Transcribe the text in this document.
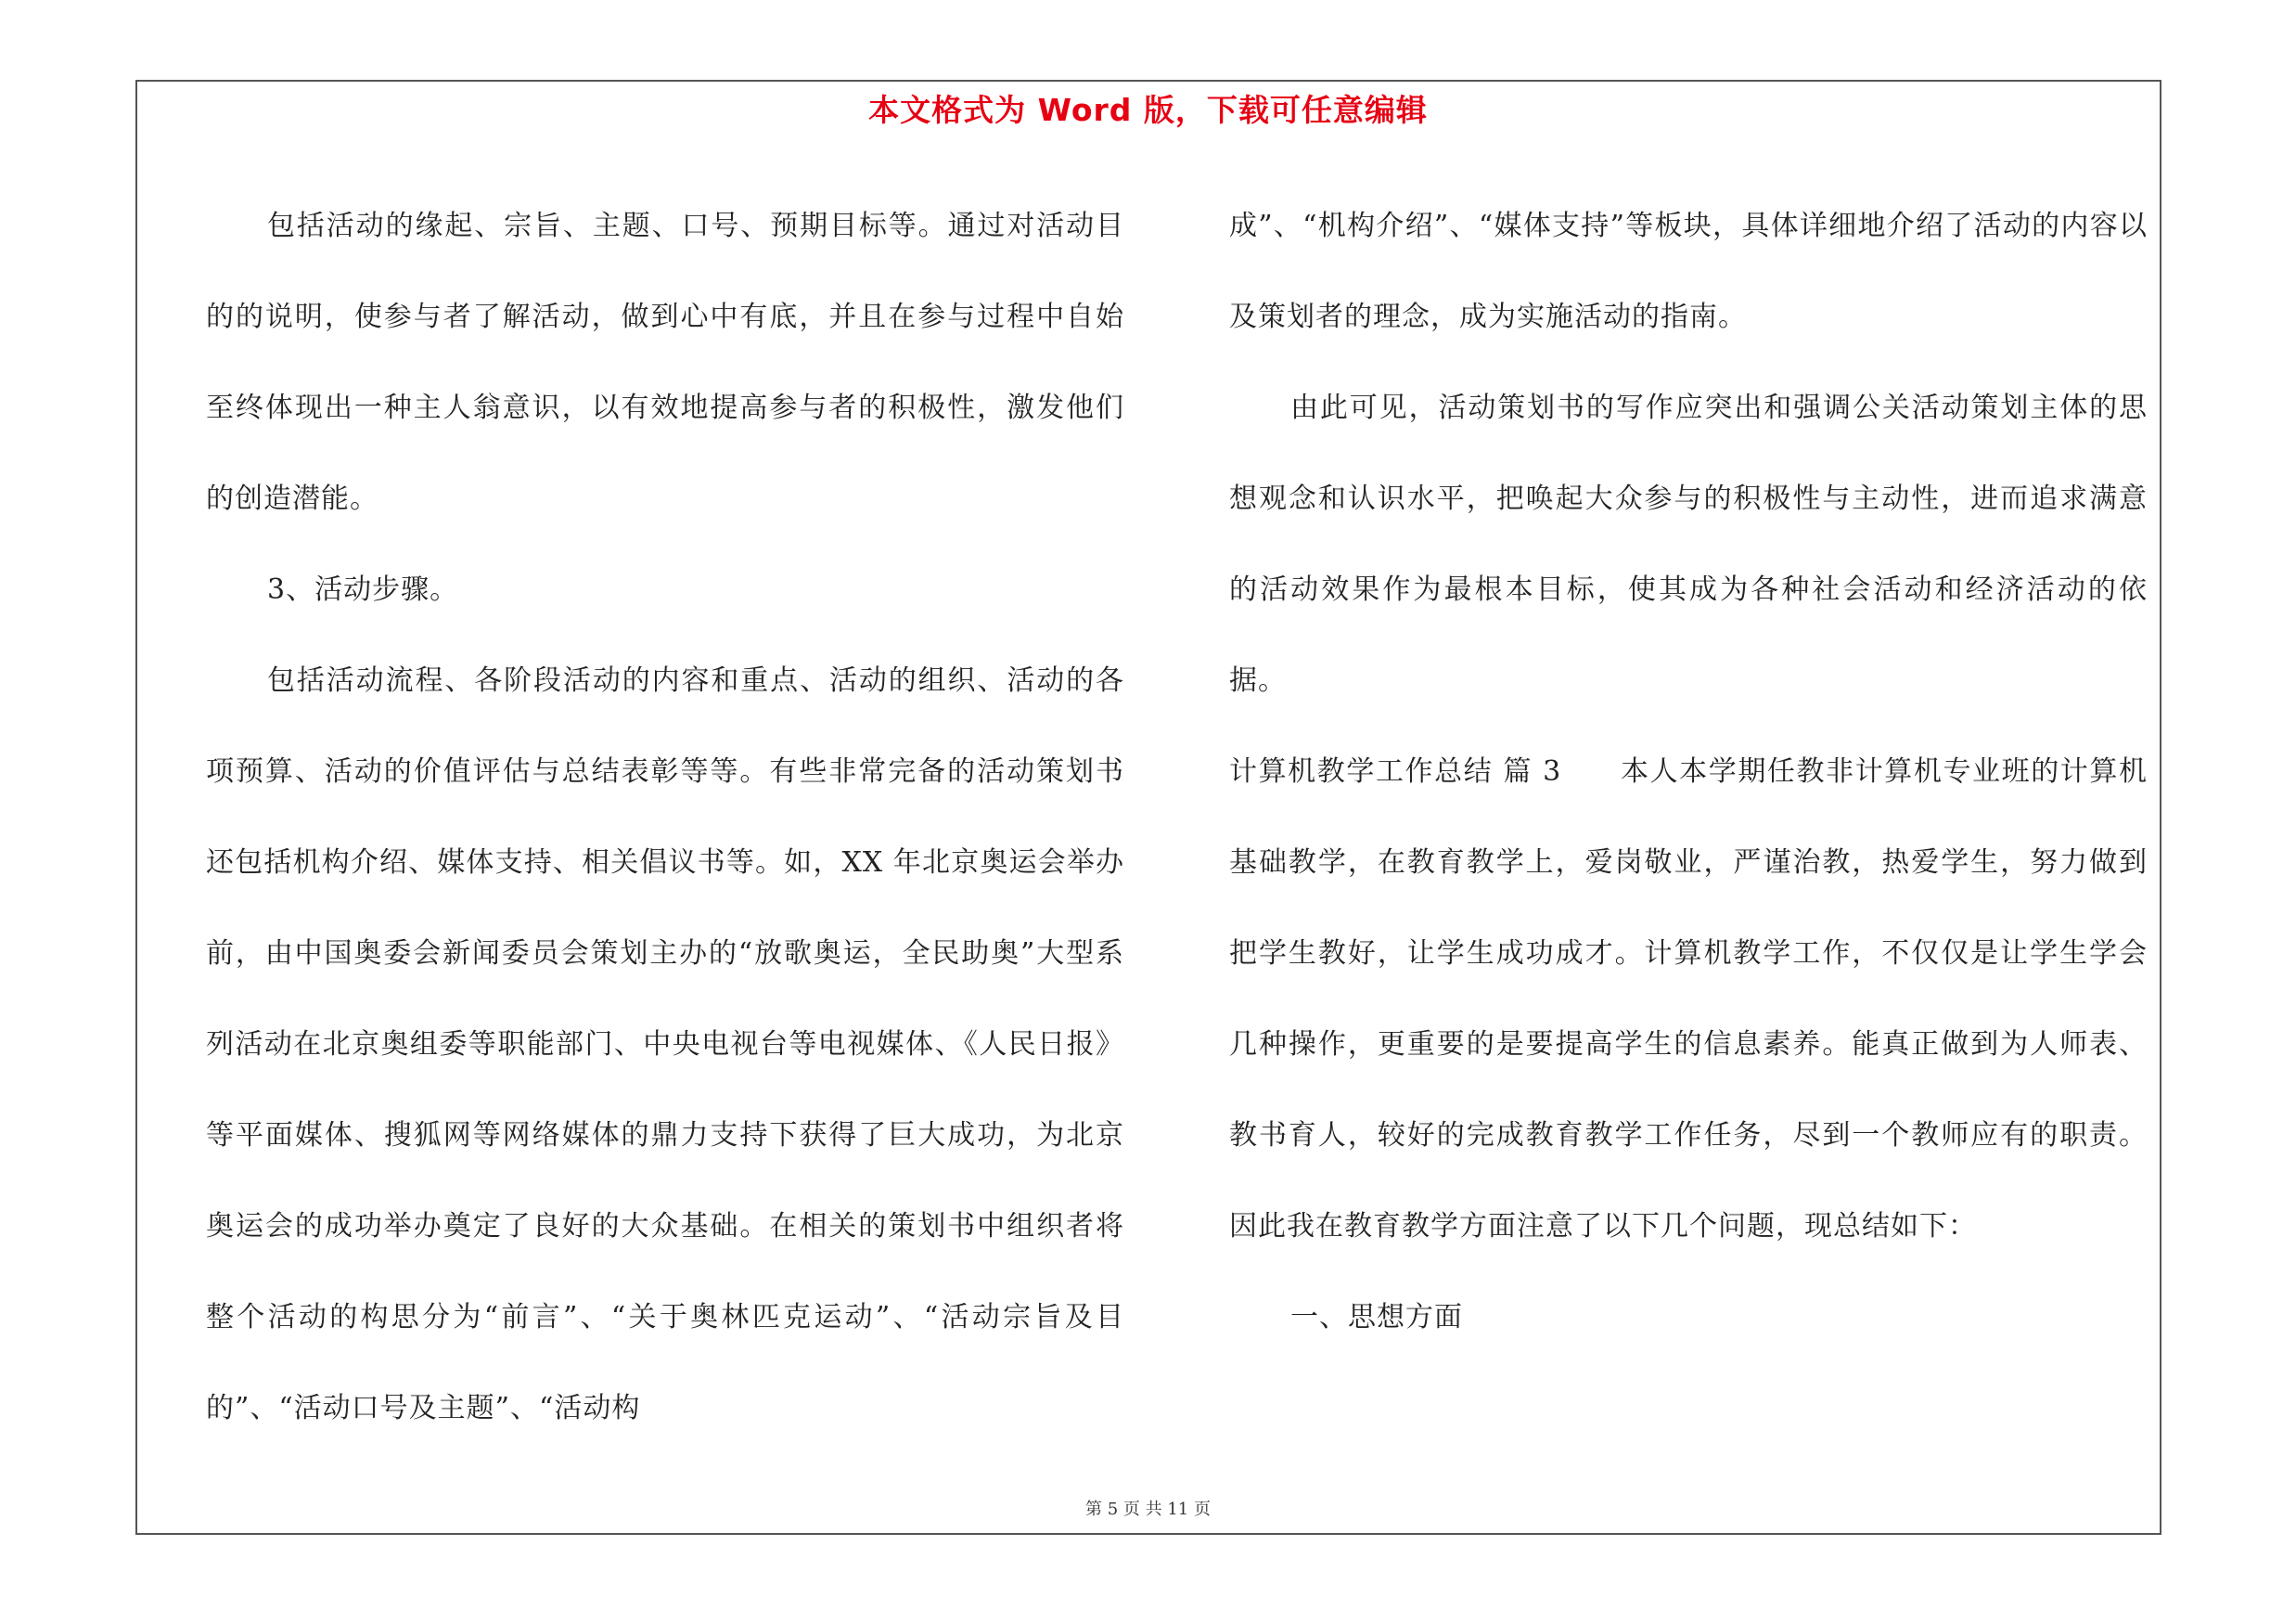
本文格式为 Word 版，下载可任意编辑

包括活动的缘起、宗旨、主题、口号、预期目标等。通过对活动目的的说明，使参与者了解活动，做到心中有底，并且在参与过程中自始至终体现出一种主人翁意识，以有效地提高参与者的积极性，激发他们的创造潜能。

3、活动步骤。

包括活动流程、各阶段活动的内容和重点、活动的组织、活动的各项预算、活动的价值评估与总结表彰等等。有些非常完备的活动策划书还包括机构介绍、媒体支持、相关倡议书等。如，XX 年北京奥运会举办前，由中国奥委会新闻委员会策划主办的“放歌奥运，全民助奥”大型系列活动在北京奥组委等职能部门、中央电视台等电视媒体、《人民日报》等平面媒体、搜狐网等网络媒体的鼎力支持下获得了巨大成功，为北京奥运会的成功举办奠定了良好的大众基础。在相关的策划书中组织者将整个活动的构思分为“前言”、“关于奥林匹克运动”、“活动宗旨及目的”、“活动口号及主题”、“活动构

成”、“机构介绍”、“媒体支持”等板块，具体详细地介绍了活动的内容以及策划者的理念，成为实施活动的指南。

由此可见，活动策划书的写作应突出和强调公关活动策划主体的思想观念和认识水平，把唤起大众参与的积极性与主动性，进而追求满意的活动效果作为最根本目标，使其成为各种社会活动和经济活动的依据。

计算机教学工作总结 篇 3　　本人本学期任教非计算机专业班的计算机基础教学，在教育教学上，爱岗敬业，严谨治教，热爱学生，努力做到把学生教好，让学生成功成才。计算机教学工作，不仅仅是让学生学会几种操作，更重要的是要提高学生的信息素养。能真正做到为人师表、教书育人，较好的完成教育教学工作任务，尽到一个教师应有的职责。因此我在教育教学方面注意了以下几个问题，现总结如下：

一、思想方面

第 5 页 共 11 页
